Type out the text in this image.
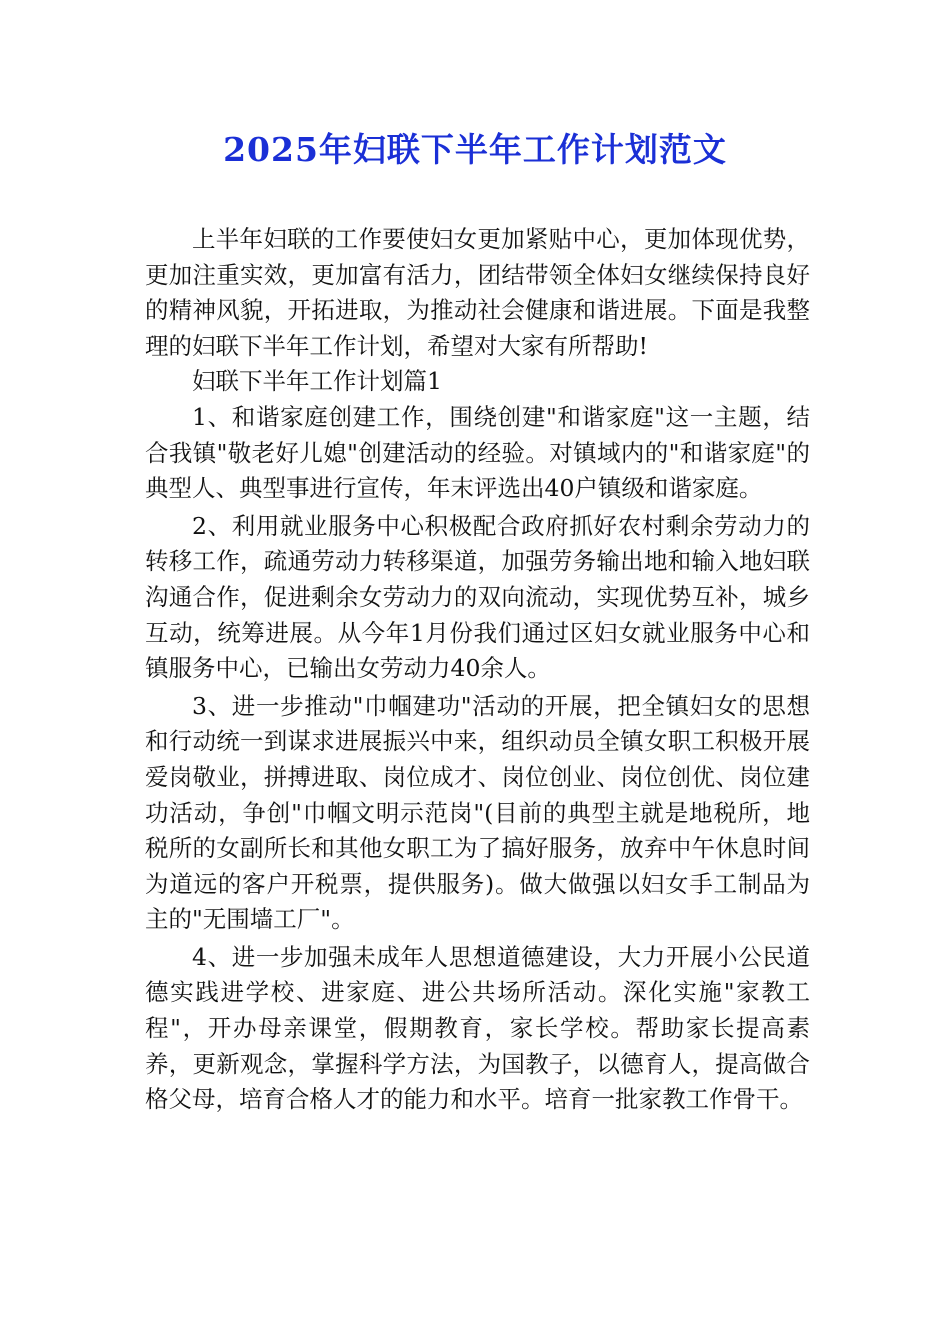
2025年妇联下半年工作计划范文

上半年妇联的工作要使妇女更加紧贴中心，更加体现优势，更加注重实效，更加富有活力，团结带领全体妇女继续保持良好的精神风貌，开拓进取，为推动社会健康和谐进展。下面是我整理的妇联下半年工作计划，希望对大家有所帮助!

妇联下半年工作计划篇1

1、和谐家庭创建工作，围绕创建"和谐家庭"这一主题，结合我镇"敬老好儿媳"创建活动的经验。对镇域内的"和谐家庭"的典型人、典型事进行宣传，年末评选出40户镇级和谐家庭。

2、利用就业服务中心积极配合政府抓好农村剩余劳动力的转移工作，疏通劳动力转移渠道，加强劳务输出地和输入地妇联沟通合作，促进剩余女劳动力的双向流动，实现优势互补，城乡互动，统筹进展。从今年1月份我们通过区妇女就业服务中心和镇服务中心，已输出女劳动力40余人。

3、进一步推动"巾帼建功"活动的开展，把全镇妇女的思想和行动统一到谋求进展振兴中来，组织动员全镇女职工积极开展爱岗敬业，拼搏进取、岗位成才、岗位创业、岗位创优、岗位建功活动，争创"巾帼文明示范岗"(目前的典型主就是地税所，地税所的女副所长和其他女职工为了搞好服务，放弃中午休息时间为道远的客户开税票，提供服务)。做大做强以妇女手工制品为主的"无围墙工厂"。

4、进一步加强未成年人思想道德建设，大力开展小公民道德实践进学校、进家庭、进公共场所活动。深化实施"家教工程"，开办母亲课堂，假期教育，家长学校。帮助家长提高素养，更新观念，掌握科学方法，为国教子，以德育人，提高做合格父母，培育合格人才的能力和水平。培育一批家教工作骨干。
